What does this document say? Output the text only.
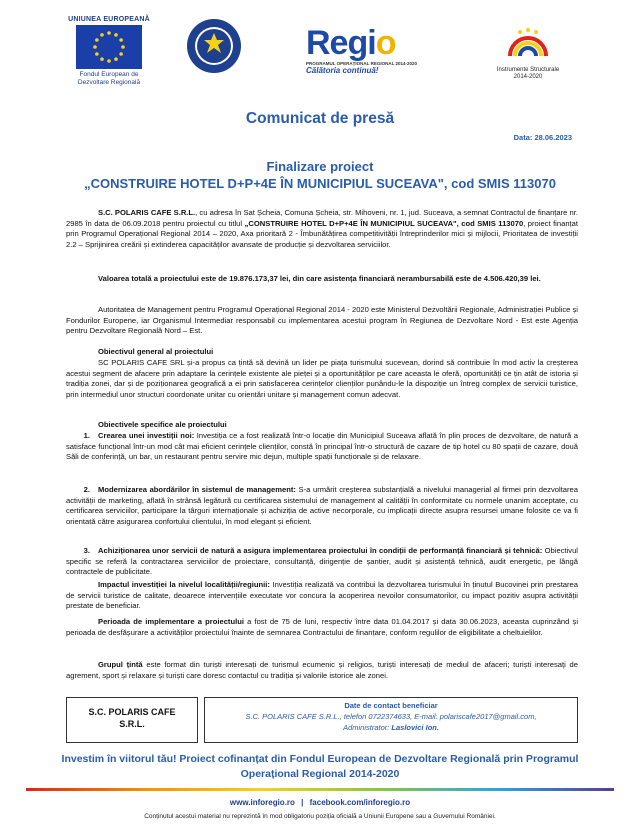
UNIUNEA EUROPEANĂ
Fondul European de
Dezvoltare Regională
Regio
PROGRAMUL OPERAȚIONAL REGIONAL 2014-2020
Călătoria continuă!	Instrumente Structurale
2014-2020
Comunicat de presă
Data: 28.06.2023
Finalizare proiect
„CONSTRUIRE HOTEL D+P+4E ÎN MUNICIPIUL SUCEAVA", cod SMIS 113070
S.C. POLARIS CAFE S.R.L., cu adresa în Sat Șcheia, Comuna Șcheia, str. Mihoveni, nr. 1, jud. Suceava, a semnat Contractul de finanțare nr. 2985 în data de 06.09.2018 pentru proiectul cu titlul „CONSTRUIRE HOTEL D+P+4E ÎN MUNICIPIUL SUCEAVA", cod SMIS 113070, proiect finanțat prin Programul Operațional Regional 2014 – 2020, Axa prioritară 2 - Îmbunătățirea competitivității întreprinderilor mici și mijlocii, Prioritatea de investiții 2.2 – Sprijinirea creării și extinderea capacităților avansate de producție și dezvoltarea serviciilor.
Valoarea totală a proiectului este de 19.876.173,37 lei, din care asistența financiară nerambursabilă este de 4.506.420,39 lei.
Autoritatea de Management pentru Programul Operațional Regional 2014 - 2020 este Ministerul Dezvoltării Regionale, Administrației Publice și Fondurilor Europene, iar Organismul Intermediar responsabil cu implementarea acestui program în Regiunea de Dezvoltare Nord - Est este Agenția pentru Dezvoltare Regională Nord – Est.
Obiectivul general al proiectului
SC POLARIS CAFE SRL și-a propus ca țintă să devină un lider pe piața turismului sucevean, dorind să contribuie în mod activ la creșterea acestui segment de afacere prin adaptare la cerințele existente ale pieței și a oportunităților pe care aceasta le oferă, oportunități ce țin atât de istoria și tradiția zonei, dar și de poziționarea geografică a ei prin satisfacerea cerințelor clienților punându-le la dispoziție un întreg complex de servicii turistice, prin intermediul unor structuri coordonate unitar cu orientări unitare și management comun adecvat.
Obiectivele specifice ale proiectului
1. Crearea unei investiții noi: Investiția ce a fost realizată într-o locație din Municipiul Suceava aflată în plin proces de dezvoltare, de natură a satisface funcțional într-un mod cât mai eficient cerințele clienților, constă în principal într-o structură de cazare de tip hotel cu 80 spații de cazare, două Săli de conferință, un bar, un restaurant pentru servire mic dejun, multiple spații funcționale și de relaxare.
2. Modernizarea abordărilor în sistemul de management: S-a urmărit creșterea substanțială a nivelului managerial al firmei prin dezvoltarea activității de marketing, aflată în strânsă legătură cu certificarea sistemului de management al calității în conformitate cu normele unanim acceptate, cu certificarea serviciilor, participare la târguri internaționale și achiziția de active necorporale, cu implicații directe asupra resursei umane folosite ce va fi orientată către asigurarea confortului clientului, în mod elegant și eficient.
3. Achiziționarea unor servicii de natură a asigura implementarea proiectului în condiții de performanță financiară și tehnică: Obiectivul specific se referă la contractarea serviciilor de proiectare, consultanță, dirigenție de șantier, audit și asistență tehnică, audit energetic, pe lângă contractele de publicitate.
Impactul investiției la nivelul localității/regiunii: Investiția realizată va contribui la dezvoltarea turismului în ținutul Bucovinei prin prestarea de servicii turistice de calitate, deoarece intervențiile executate vor concura la acoperirea nevoilor consumatorilor, cu impact pozitiv asupra activității prestate de beneficiar.
Perioada de implementare a proiectului a fost de 75 de luni, respectiv între data 01.04.2017 și data 30.06.2023, aceasta cuprinzând și perioada de desfășurare a activităților proiectului înainte de semnarea Contractului de finanțare, conform regulilor de eligibilitate a cheltuielilor.
Grupul țintă este format din turiști interesați de turismul ecumenic și religios, turiști interesați de mediul de afaceri; turiști interesați de agrement, sport și relaxare și turiști care doresc contactul cu tradiția și valorile istorice ale zonei.
S.C. POLARIS CAFE
S.R.L.
Date de contact beneficiar
S.C. POLARIS CAFE S.R.L., telefon 0722374633, E-mail: polariscafe2017@gmail.com,
Administrator: Laslovici Ion.
Investim în viitorul tău! Proiect cofinanțat din Fondul European de Dezvoltare Regională prin Programul
Operațional Regional 2014-2020
www.inforegio.ro | facebook.com/inforegio.ro
Conținutul acestui material nu reprezintă în mod obligatoriu poziția oficială a Uniunii Europene sau a Guvernului României.
